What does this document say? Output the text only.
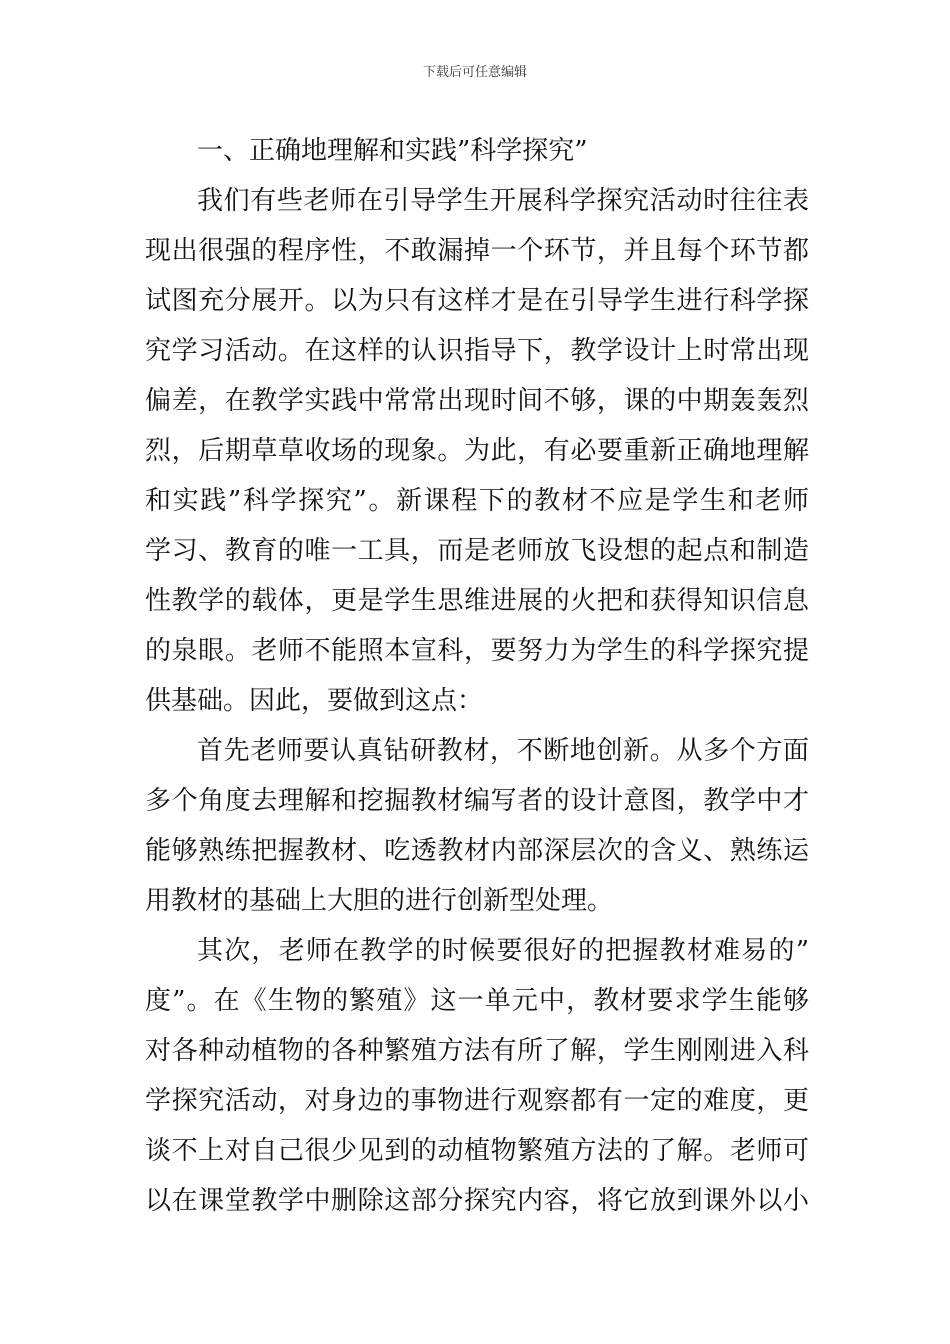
下载后可任意编辑
一、正确地理解和实践”科学探究”

我们有些老师在引导学生开展科学探究活动时往往表
现出很强的程序性，不敢漏掉一个环节，并且每个环节都
试图充分展开。以为只有这样才是在引导学生进行科学探
究学习活动。在这样的认识指导下，教学设计上时常出现
偏差，在教学实践中常常出现时间不够，课的中期轰轰烈
烈，后期草草收场的现象。为此，有必要重新正确地理解
和实践”科学探究”。新课程下的教材不应是学生和老师
学习、教育的唯一工具，而是老师放飞设想的起点和制造
性教学的载体，更是学生思维进展的火把和获得知识信息
的泉眼。老师不能照本宣科，要努力为学生的科学探究提
供基础。因此，要做到这点：

首先老师要认真钻研教材，不断地创新。从多个方面
多个角度去理解和挖掘教材编写者的设计意图，教学中才
能够熟练把握教材、吃透教材内部深层次的含义、熟练运
用教材的基础上大胆的进行创新型处理。

其次，老师在教学的时候要很好的把握教材难易的”
度”。在《生物的繁殖》这一单元中，教材要求学生能够
对各种动植物的各种繁殖方法有所了解，学生刚刚进入科
学探究活动，对身边的事物进行观察都有一定的难度，更
谈不上对自己很少见到的动植物繁殖方法的了解。老师可
以在课堂教学中删除这部分探究内容，将它放到课外以小
